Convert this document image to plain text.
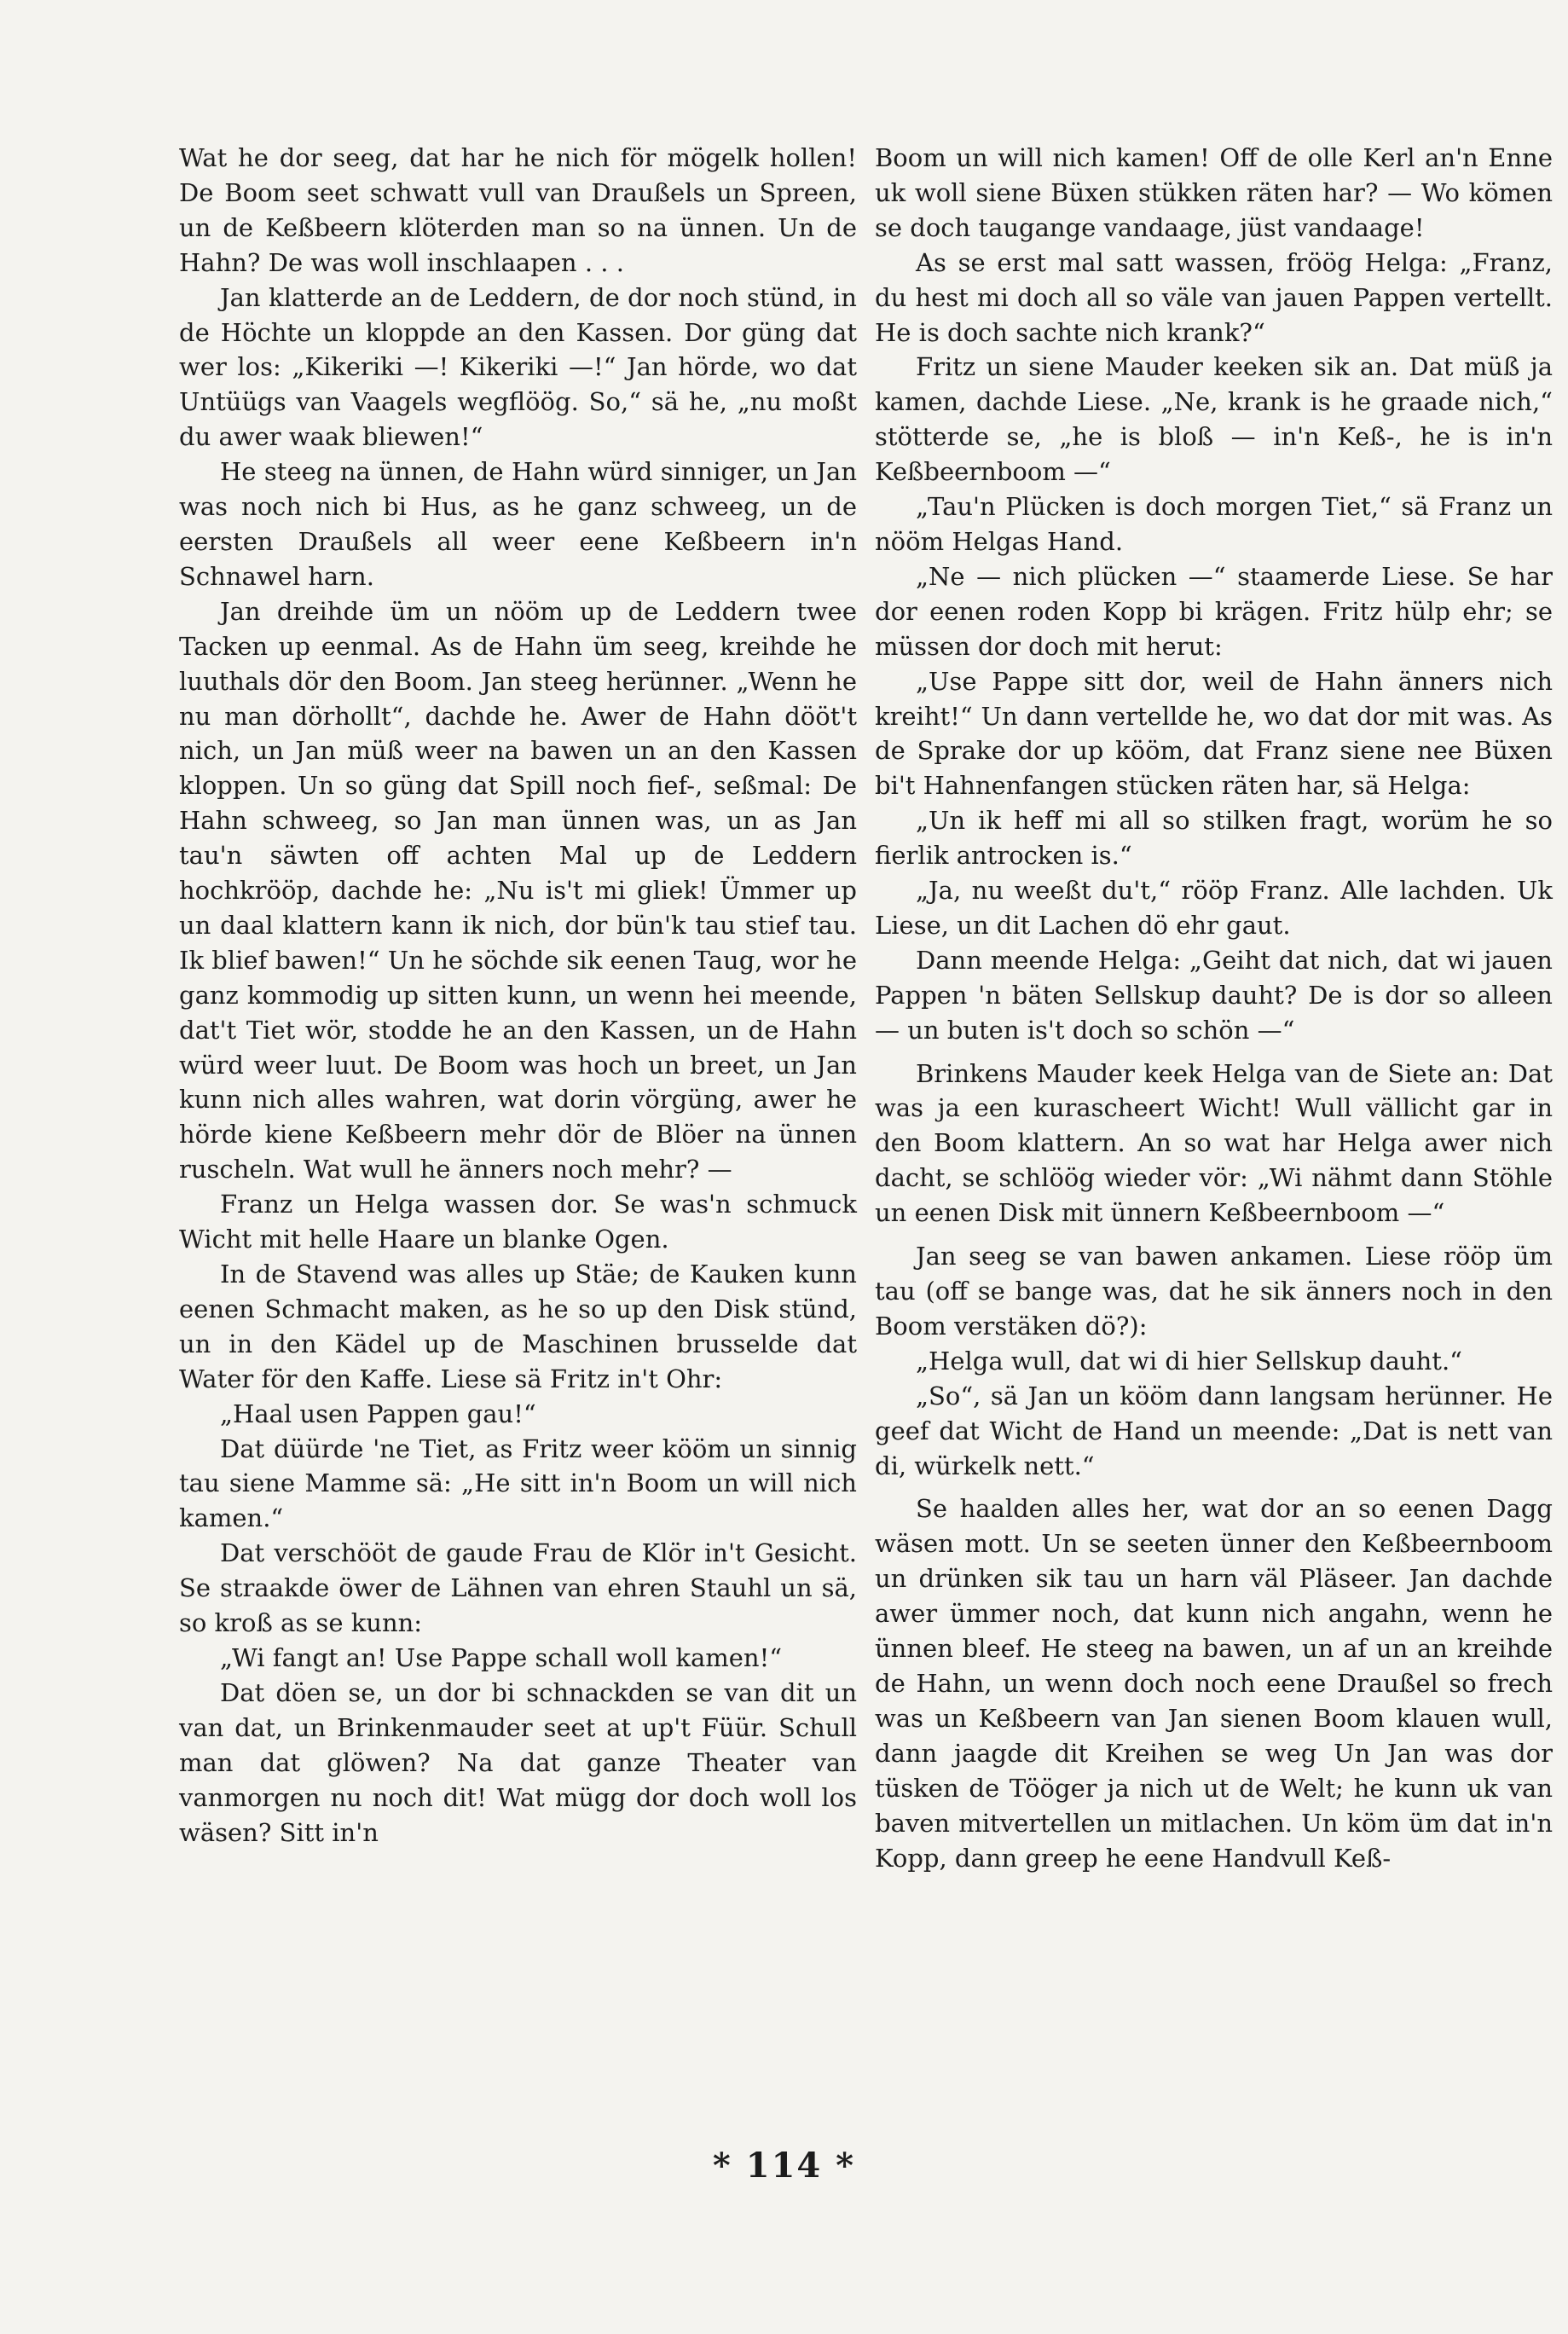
Wat he dor seeg, dat har he nich för mögelk hollen! De Boom seet schwatt vull van Draußels un Spreen, un de Keßbeern klöterden man so na ünnen. Un de Hahn? De was woll inschlaapen . . .

Jan klatterde an de Leddern, de dor noch stünd, in de Höchte un kloppde an den Kassen. Dor güng dat wer los: „Kikeriki —! Kikeriki —!“ Jan hörde, wo dat Untüügs van Vaagels wegflöög. So,“ sä he, „nu moßt du awer waak bliewen!“

He steeg na ünnen, de Hahn würd sinniger, un Jan was noch nich bi Hus, as he ganz schweeg, un de eersten Draußels all weer eene Keßbeern in'n Schnawel harn.

Jan dreihde üm un nööm up de Leddern twee Tacken up eenmal. As de Hahn üm seeg, kreihde he luuthals dör den Boom. Jan steeg herünner. „Wenn he nu man dörhollt“, dachde he. Awer de Hahn dööt't nich, un Jan müß weer na bawen un an den Kassen kloppen. Un so güng dat Spill noch fief-, seßmal: De Hahn schweeg, so Jan man ünnen was, un as Jan tau'n säwten off achten Mal up de Leddern hochkrööp, dachde he: „Nu is't mi gliek! Ümmer up un daal klattern kann ik nich, dor bün'k tau stief tau. Ik blief bawen!“ Un he söchde sik eenen Taug, wor he ganz kommodig up sitten kunn, un wenn hei meende, dat't Tiet wör, stodde he an den Kassen, un de Hahn würd weer luut. De Boom was hoch un breet, un Jan kunn nich alles wahren, wat dorin vörgüng, awer he hörde kiene Keßbeern mehr dör de Blöer na ünnen ruscheln. Wat wull he änners noch mehr? —

Franz un Helga wassen dor. Se was'n schmuck Wicht mit helle Haare un blanke Ogen.

In de Stavend was alles up Stäe; de Kauken kunn eenen Schmacht maken, as he so up den Disk stünd, un in den Kädel up de Maschinen brusselde dat Water för den Kaffe. Liese sä Fritz in't Ohr:

„Haal usen Pappen gau!“

Dat düürde 'ne Tiet, as Fritz weer kööm un sinnig tau siene Mamme sä: „He sitt in'n Boom un will nich kamen.“

Dat verschööt de gaude Frau de Klör in't Gesicht. Se straakde öwer de Lähnen van ehren Stauhl un sä, so kroß as se kunn:

„Wi fangt an! Use Pappe schall woll kamen!“

Dat döen se, un dor bi schnackden se van dit un van dat, un Brinkenmauder seet at up't Füür. Schull man dat glöwen? Na dat ganze Theater van vanmorgen nu noch dit! Wat mügg dor doch woll los wäsen? Sitt in'n

Boom un will nich kamen! Off de olle Kerl an'n Enne uk woll siene Büxen stükken räten har? — Wo kömen se doch taugange vandaage, jüst vandaage!

As se erst mal satt wassen, fröög Helga: „Franz, du hest mi doch all so väle van jauen Pappen vertellt. He is doch sachte nich krank?“

Fritz un siene Mauder keeken sik an. Dat müß ja kamen, dachde Liese. „Ne, krank is he graade nich,“ stötterde se, „he is bloß — in'n Keß-, he is in'n Keßbeernboom —“

„Tau'n Plücken is doch morgen Tiet,“ sä Franz un nööm Helgas Hand.

„Ne — nich plücken —“ staamerde Liese. Se har dor eenen roden Kopp bi krägen. Fritz hülp ehr; se müssen dor doch mit herut:

„Use Pappe sitt dor, weil de Hahn änners nich kreiht!“ Un dann vertellde he, wo dat dor mit was. As de Sprake dor up kööm, dat Franz siene nee Büxen bi't Hahnenfangen stücken räten har, sä Helga:

„Un ik heff mi all so stilken fragt, worüm he so fierlik antrocken is.“

„Ja, nu weeßt du't,“ rööp Franz. Alle lachden. Uk Liese, un dit Lachen dö ehr gaut.

Dann meende Helga: „Geiht dat nich, dat wi jauen Pappen 'n bäten Sellskup dauht? De is dor so alleen — un buten is't doch so schön —“

Brinkens Mauder keek Helga van de Siete an: Dat was ja een kurascheert Wicht! Wull vällicht gar in den Boom klattern. An so wat har Helga awer nich dacht, se schlöög wieder vör: „Wi nähmt dann Stöhle un eenen Disk mit ünnern Keßbeernboom —“

Jan seeg se van bawen ankamen. Liese rööp üm tau (off se bange was, dat he sik änners noch in den Boom verstäken dö?):

„Helga wull, dat wi di hier Sellskup dauht.“

„So“, sä Jan un kööm dann langsam herünner. He geef dat Wicht de Hand un meende: „Dat is nett van di, würkelk nett.“

Se haalden alles her, wat dor an so eenen Dagg wäsen mott. Un se seeten ünner den Keßbeernboom un drünken sik tau un harn väl Pläseer. Jan dachde awer ümmer noch, dat kunn nich angahn, wenn he ünnen bleef. He steeg na bawen, un af un an kreihde de Hahn, un wenn doch noch eene Draußel so frech was un Keßbeern van Jan sienen Boom klauen wull, dann jaagde dit Kreihen se weg Un Jan was dor tüsken de Tööger ja nich ut de Welt; he kunn uk van baven mitvertellen un mitlachen. Un köm üm dat in'n Kopp, dann greep he eene Handvull Keß-

* 114 *
